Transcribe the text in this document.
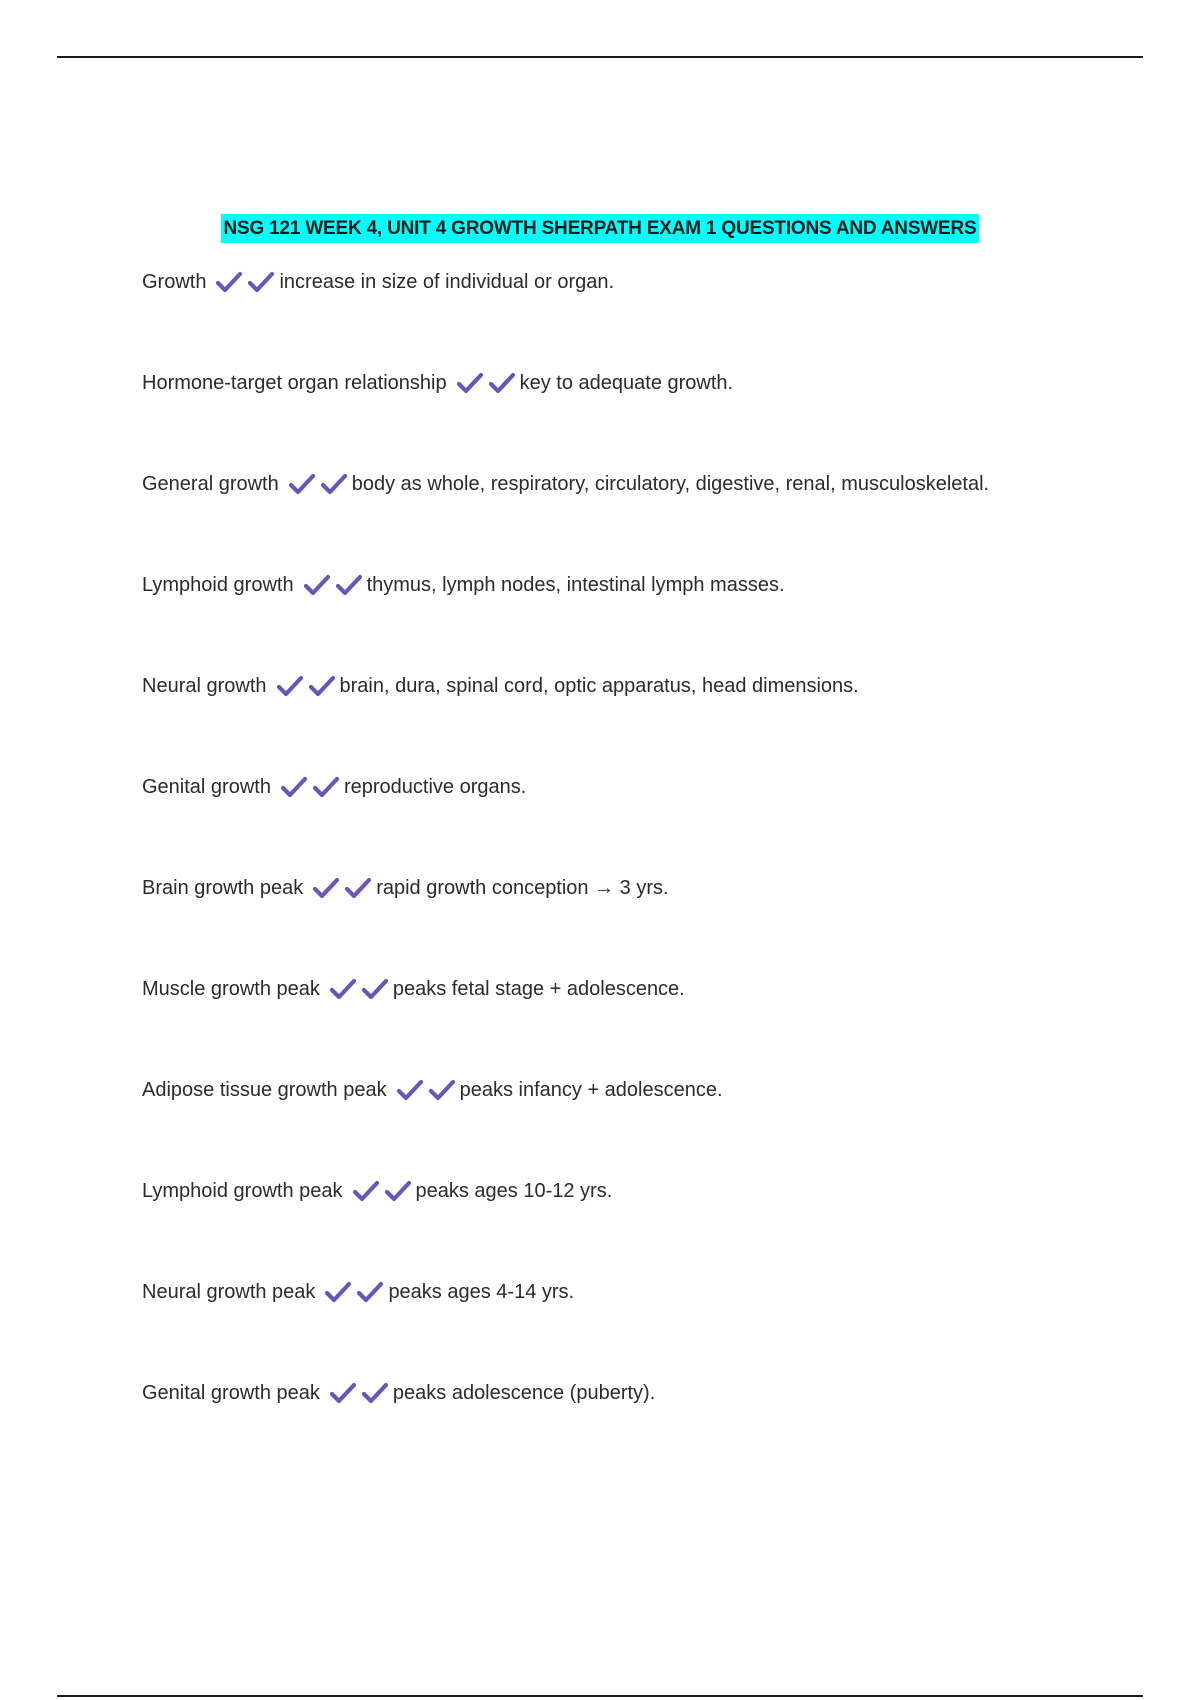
NSG 121 WEEK 4, UNIT 4 GROWTH SHERPATH EXAM 1 QUESTIONS AND ANSWERS
Growth	increase in size of individual or organ.
Hormone-target organ relationship	key to adequate growth.
General growth	body as whole, respiratory, circulatory, digestive, renal, musculoskeletal.
Lymphoid growth	thymus, lymph nodes, intestinal lymph masses.
Neural growth	brain, dura, spinal cord, optic apparatus, head dimensions.
Genital growth	reproductive organs.
Brain growth peak	rapid growth conception → 3 yrs.
Muscle growth peak	peaks fetal stage + adolescence.
Adipose tissue growth peak	peaks infancy + adolescence.
Lymphoid growth peak	peaks ages 10-12 yrs.
Neural growth peak	peaks ages 4-14 yrs.
Genital growth peak	peaks adolescence (puberty).
